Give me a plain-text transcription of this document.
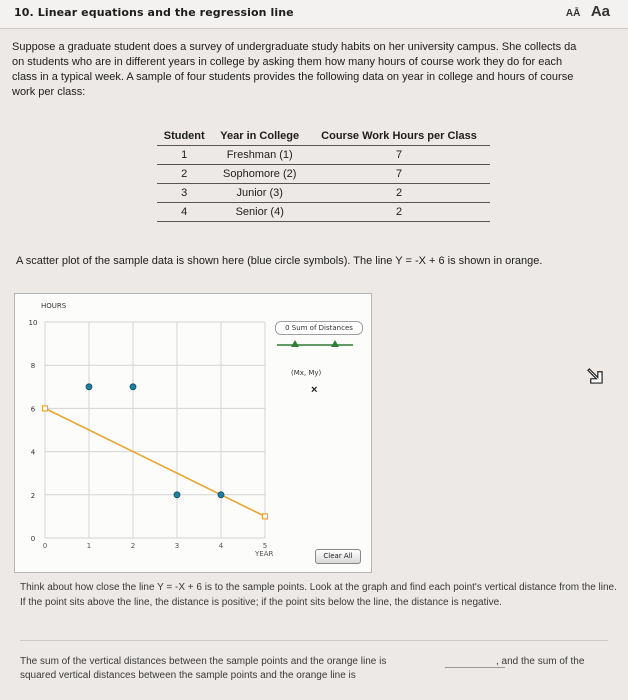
10. Linear equations and the regression line	AĀ Aa
Suppose a graduate student does a survey of undergraduate study habits on her university campus. She collects da
on students who are in different years in college by asking them how many hours of course work they do for each
class in a typical week. A sample of four students provides the following data on year in college and hours of course
work per class:
Student	Year in College	Course Work Hours per Class
1	Freshman (1)	7
2	Sophomore (2)	7
3	Junior (3)	2
4	Senior (4)	2
A scatter plot of the sample data is shown here (blue circle symbols). The line Y = -X + 6 is shown in orange.
HOURS
YEAR
0
2
4
6
8
10
0	1	2	3	4	5
0 Sum of Distances
(Mx, My)
×
Clear All
Think about how close the line Y = -X + 6 is to the sample points. Look at the graph and find each point's vertical distance from the line. If the point sits above the line, the distance is positive; if the point sits below the line, the distance is negative.
The sum of the vertical distances between the sample points and the orange line is	, and the sum of the
squared vertical distances between the sample points and the orange line is
